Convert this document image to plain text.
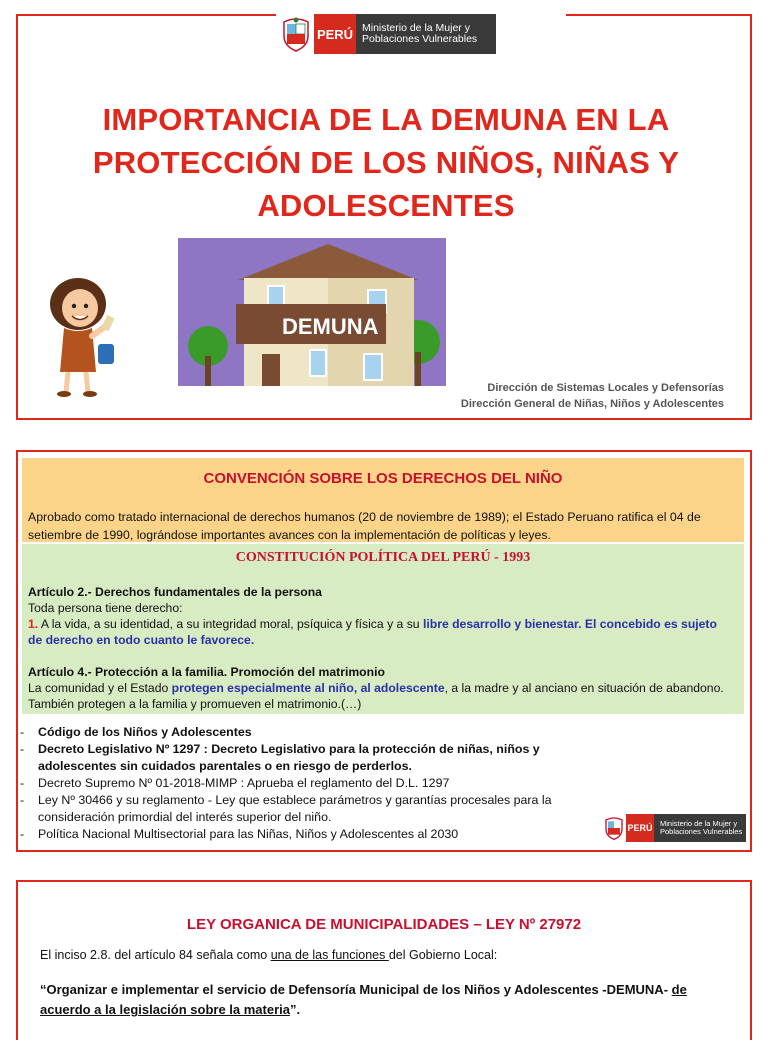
PERÚ Ministerio de la Mujer y Poblaciones Vulnerables
IMPORTANCIA DE LA DEMUNA EN LA PROTECCIÓN DE LOS NIÑOS, NIÑAS Y ADOLESCENTES
DEMUNA
Dirección de Sistemas Locales y Defensorías
Dirección General de Niñas, Niños y Adolescentes
CONVENCIÓN SOBRE LOS DERECHOS DEL NIÑO

Aprobado como tratado internacional de derechos humanos (20 de noviembre de 1989); el Estado Peruano ratifica el 04 de setiembre de 1990, lográndose importantes avances con la implementación de políticas y leyes.

CONSTITUCIÓN POLÍTICA DEL PERÚ - 1993
Artículo 2.- Derechos fundamentales de la persona
Toda persona tiene derecho:
1. A la vida, a su identidad, a su integridad moral, psíquica y física y a su libre desarrollo y bienestar. El concebido es sujeto de derecho en todo cuanto le favorece.
Artículo 4.- Protección a la familia. Promoción del matrimonio
La comunidad y el Estado protegen especialmente al niño, al adolescente, a la madre y al anciano en situación de abandono. También protegen a la familia y promueven el matrimonio.(…)
- Código de los Niños y Adolescentes
- Decreto Legislativo Nº 1297 : Decreto Legislativo para la protección de niñas, niños y adolescentes sin cuidados parentales o en riesgo de perderlos.
- Decreto Supremo Nº 01-2018-MIMP : Aprueba el reglamento del D.L. 1297
- Ley Nº 30466 y su reglamento - Ley que establece parámetros y garantías procesales para la consideración primordial del interés superior del niño.
- Política Nacional Multisectorial para las Niñas, Niños y Adolescentes al 2030	PERÚ	Ministerio de la Mujer y Poblaciones Vulnerables
LEY ORGANICA DE MUNICIPALIDADES – LEY Nº 27972

El inciso 2.8. del artículo 84 señala como una de las funciones del Gobierno Local:

“Organizar e implementar el servicio de Defensoría Municipal de los Niños y Adolescentes -DEMUNA- de acuerdo a la legislación sobre la materia”.
